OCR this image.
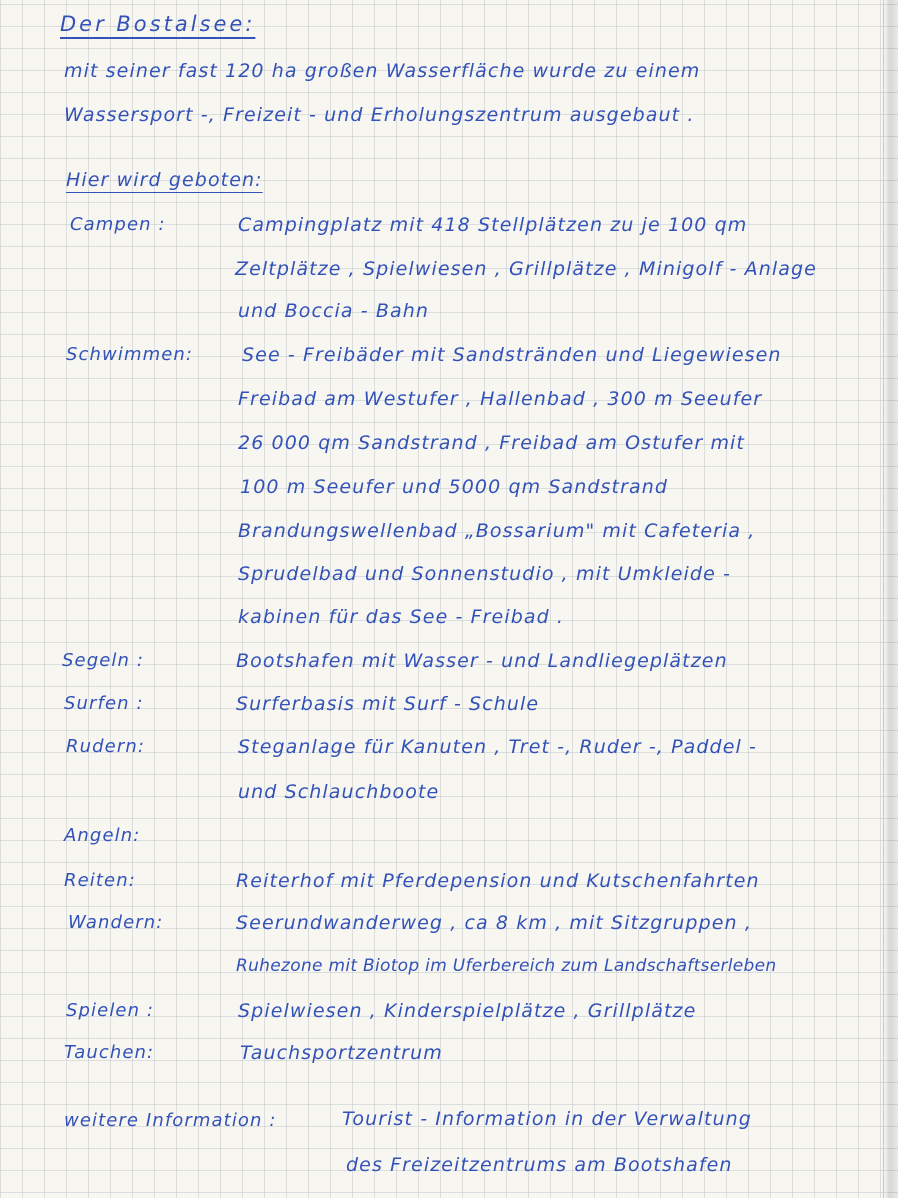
Der Bostalsee:
mit seiner fast 120 ha großen Wasserfläche wurde zu einem
Wassersport -, Freizeit - und Erholungszentrum ausgebaut .
Hier wird geboten:
Campen :	Campingplatz mit 418 Stellplätzen zu je 100 qm
Zeltplätze , Spielwiesen , Grillplätze , Minigolf - Anlage
und Boccia - Bahn
Schwimmen:	See - Freibäder mit Sandstränden und Liegewiesen
Freibad am Westufer , Hallenbad , 300 m Seeufer
26 000 qm Sandstrand , Freibad am Ostufer mit
100 m Seeufer und 5000 qm Sandstrand
Brandungswellenbad „Bossarium" mit Cafeteria ,
Sprudelbad und Sonnenstudio , mit Umkleide -
kabinen für das See - Freibad .
Segeln :	Bootshafen mit Wasser - und Landliegeplätzen
Surfen :	Surferbasis mit Surf - Schule
Rudern:	Steganlage für Kanuten , Tret -, Ruder -, Paddel -
und Schlauchboote
Angeln:
Reiten:	Reiterhof mit Pferdepension und Kutschenfahrten
Wandern:	Seerundwanderweg , ca 8 km , mit Sitzgruppen ,
Ruhezone mit Biotop im Uferbereich zum Landschaftserleben
Spielen :	Spielwiesen , Kinderspielplätze , Grillplätze
Tauchen:	Tauchsportzentrum
weitere Information :	Tourist - Information in der Verwaltung
des Freizeitzentrums am Bootshafen
